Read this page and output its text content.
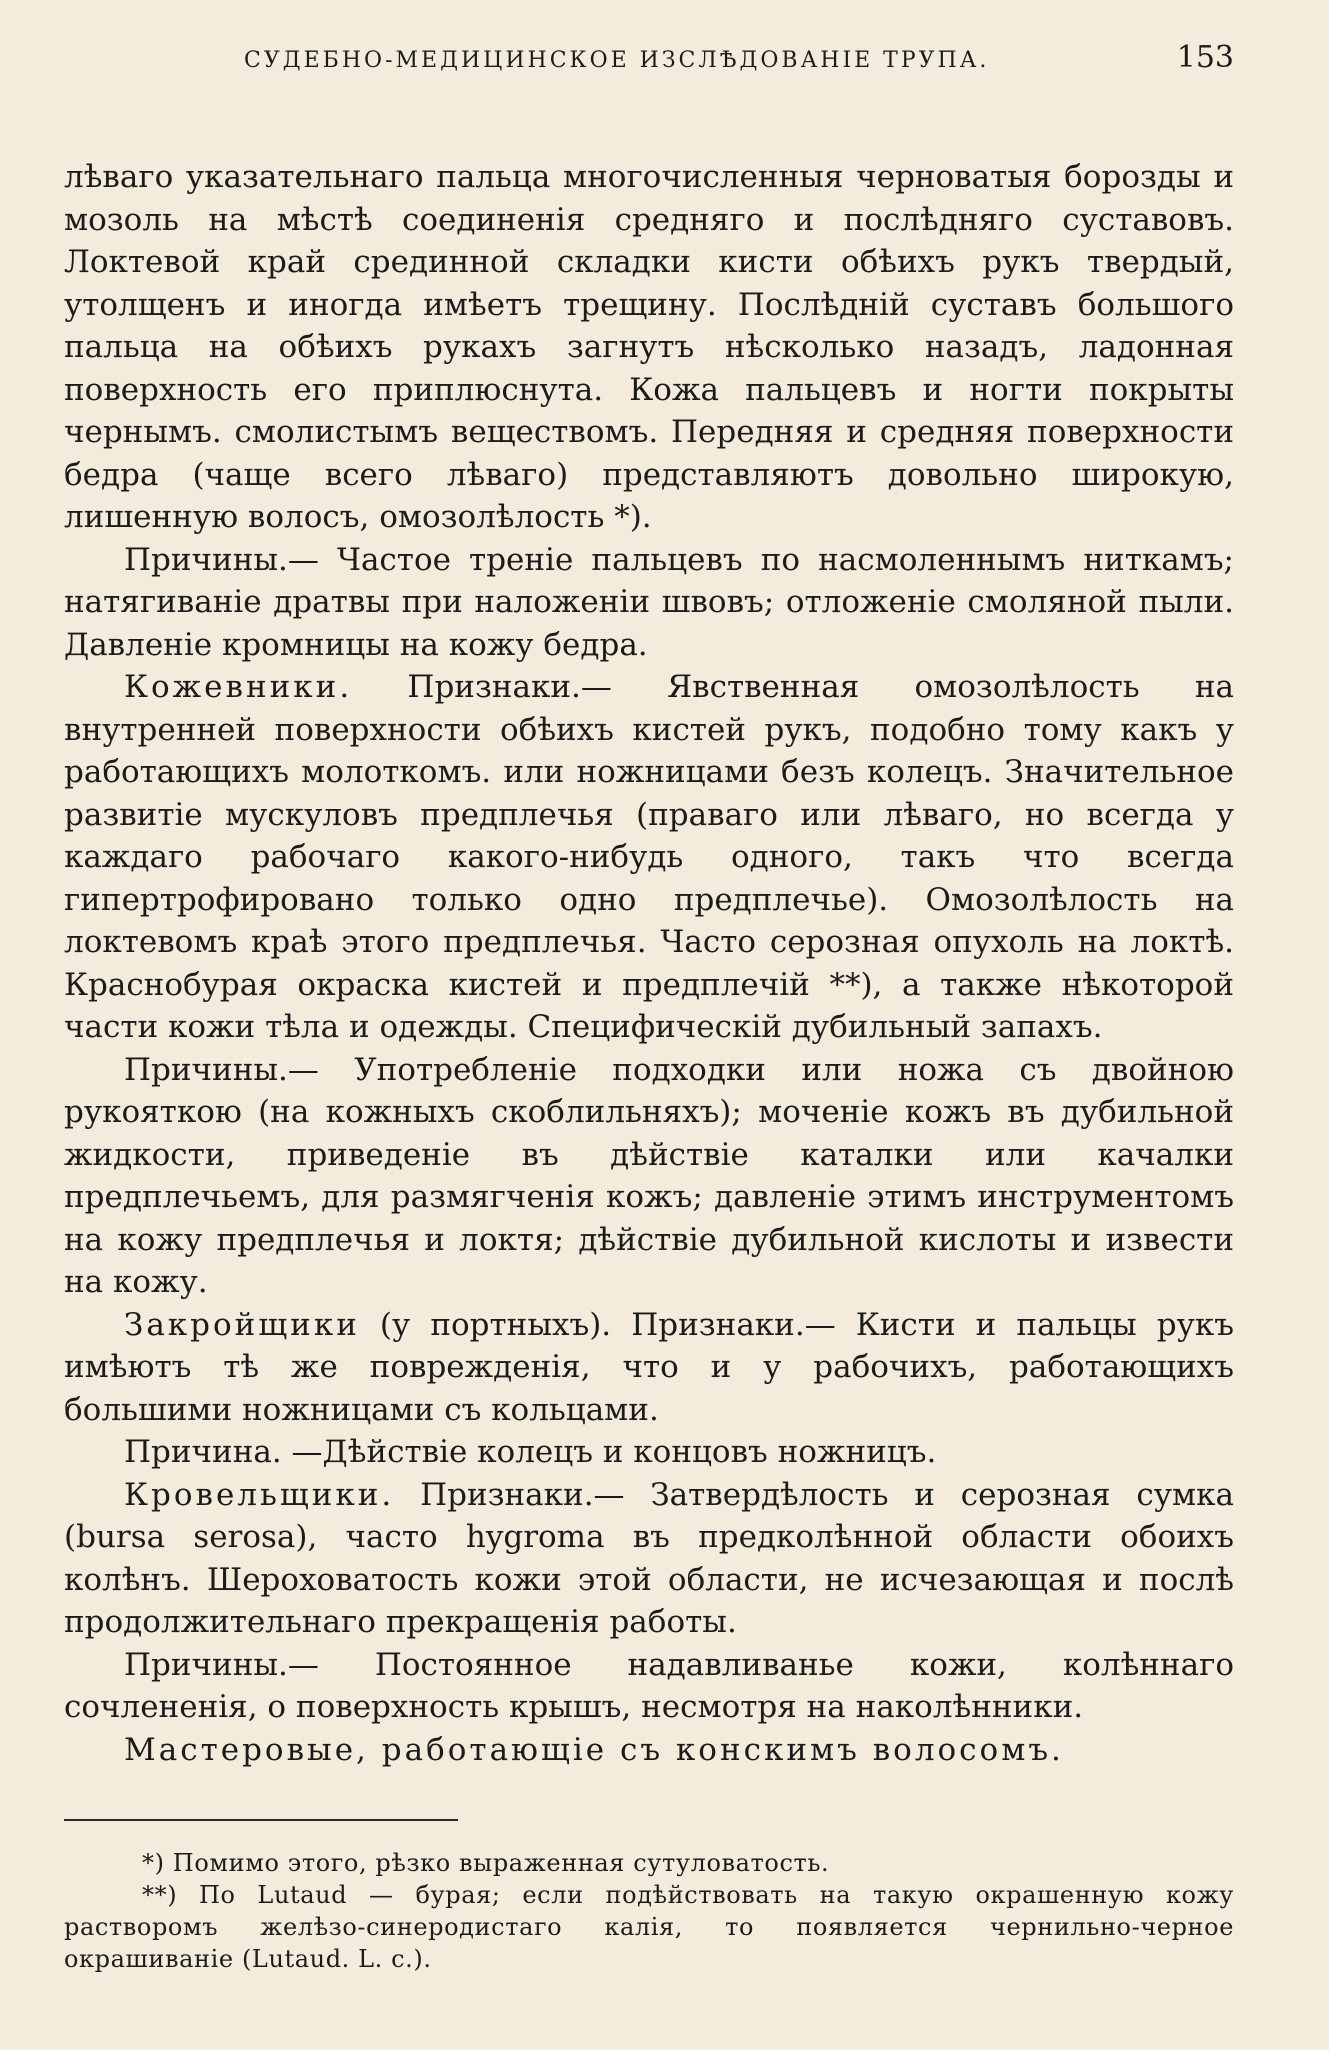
СУДЕБНО-МЕДИЦИНСКОЕ ИЗСЛѢДОВАНІЕ ТРУПА.	153

лѣваго указательнаго пальца многочисленныя черноватыя борозды и мозоль на мѣстѣ соединенія средняго и послѣдняго суставовъ. Локтевой край срединной складки кисти обѣихъ рукъ твердый, утолщенъ и иногда имѣетъ трещину. Послѣдній суставъ большого пальца на обѣихъ рукахъ загнутъ нѣсколько назадъ, ладонная поверхность его приплюснута. Кожа пальцевъ и ногти покрыты чернымъ. смолистымъ веществомъ. Передняя и средняя поверхности бедра (чаще всего лѣваго) представляютъ довольно широкую, лишенную волосъ, омозолѣлость *).

Причины.— Частое тренiе пальцевъ по насмоленнымъ ниткамъ; натягиванiе дратвы при наложенiи швовъ; отложенiе смоляной пыли. Давленiе кромницы на кожу бедра.

Кожевники. Признаки.— Явственная омозолѣлость на внутренней поверхности обѣихъ кистей рукъ, подобно тому какъ у работающихъ молоткомъ. или ножницами безъ колецъ. Значительное развитiе мускуловъ предплечья (праваго или лѣваго, но всегда у каждаго рабочаго какого-нибудь одного, такъ что всегда гипертрофировано только одно предплечье). Омозолѣлость на локтевомъ краѣ этого предплечья. Часто серозная опухоль на локтѣ. Краснобурая окраска кистей и предплечiй **), а также нѣкоторой части кожи тѣла и одежды. Специфическiй дубильный запахъ.

Причины.— Употребленiе подходки или ножа съ двойною рукояткою (на кожныхъ скоблильняхъ); моченiе кожъ въ дубильной жидкости, приведенiе въ дѣйствiе каталки или качалки предплечьемъ, для размягченiя кожъ; давленiе этимъ инструментомъ на кожу предплечья и локтя; дѣйствiе дубильной кислоты и извести на кожу.

Закройщики (у портныхъ). Признаки.— Кисти и пальцы рукъ имѣютъ тѣ же поврежденiя, что и у рабочихъ, работающихъ большими ножницами съ кольцами.

Причина. —Дѣйствiе колецъ и концовъ ножницъ.

Кровельщики. Признаки.— Затвердѣлость и серозная сумка (bursa serosa), часто hygroma въ предколѣнной области обоихъ колѣнъ. Шероховатость кожи этой области, не исчезающая и послѣ продолжительнаго прекращенiя работы.

Причины.— Постоянное надавливанье кожи, колѣннаго сочлененiя, о поверхность крышъ, несмотря на наколѣнники.

Мастеровые, работающiе съ конскимъ волосомъ.

*) Помимо этого, рѣзко выраженная сутуловатость.

**) По Lutaud — бурая; если подѣйствовать на такую окрашенную кожу растворомъ желѣзо-синеродистаго калiя, то появляется чернильно-черное окрашиванiе (Lutaud. L. c.).
